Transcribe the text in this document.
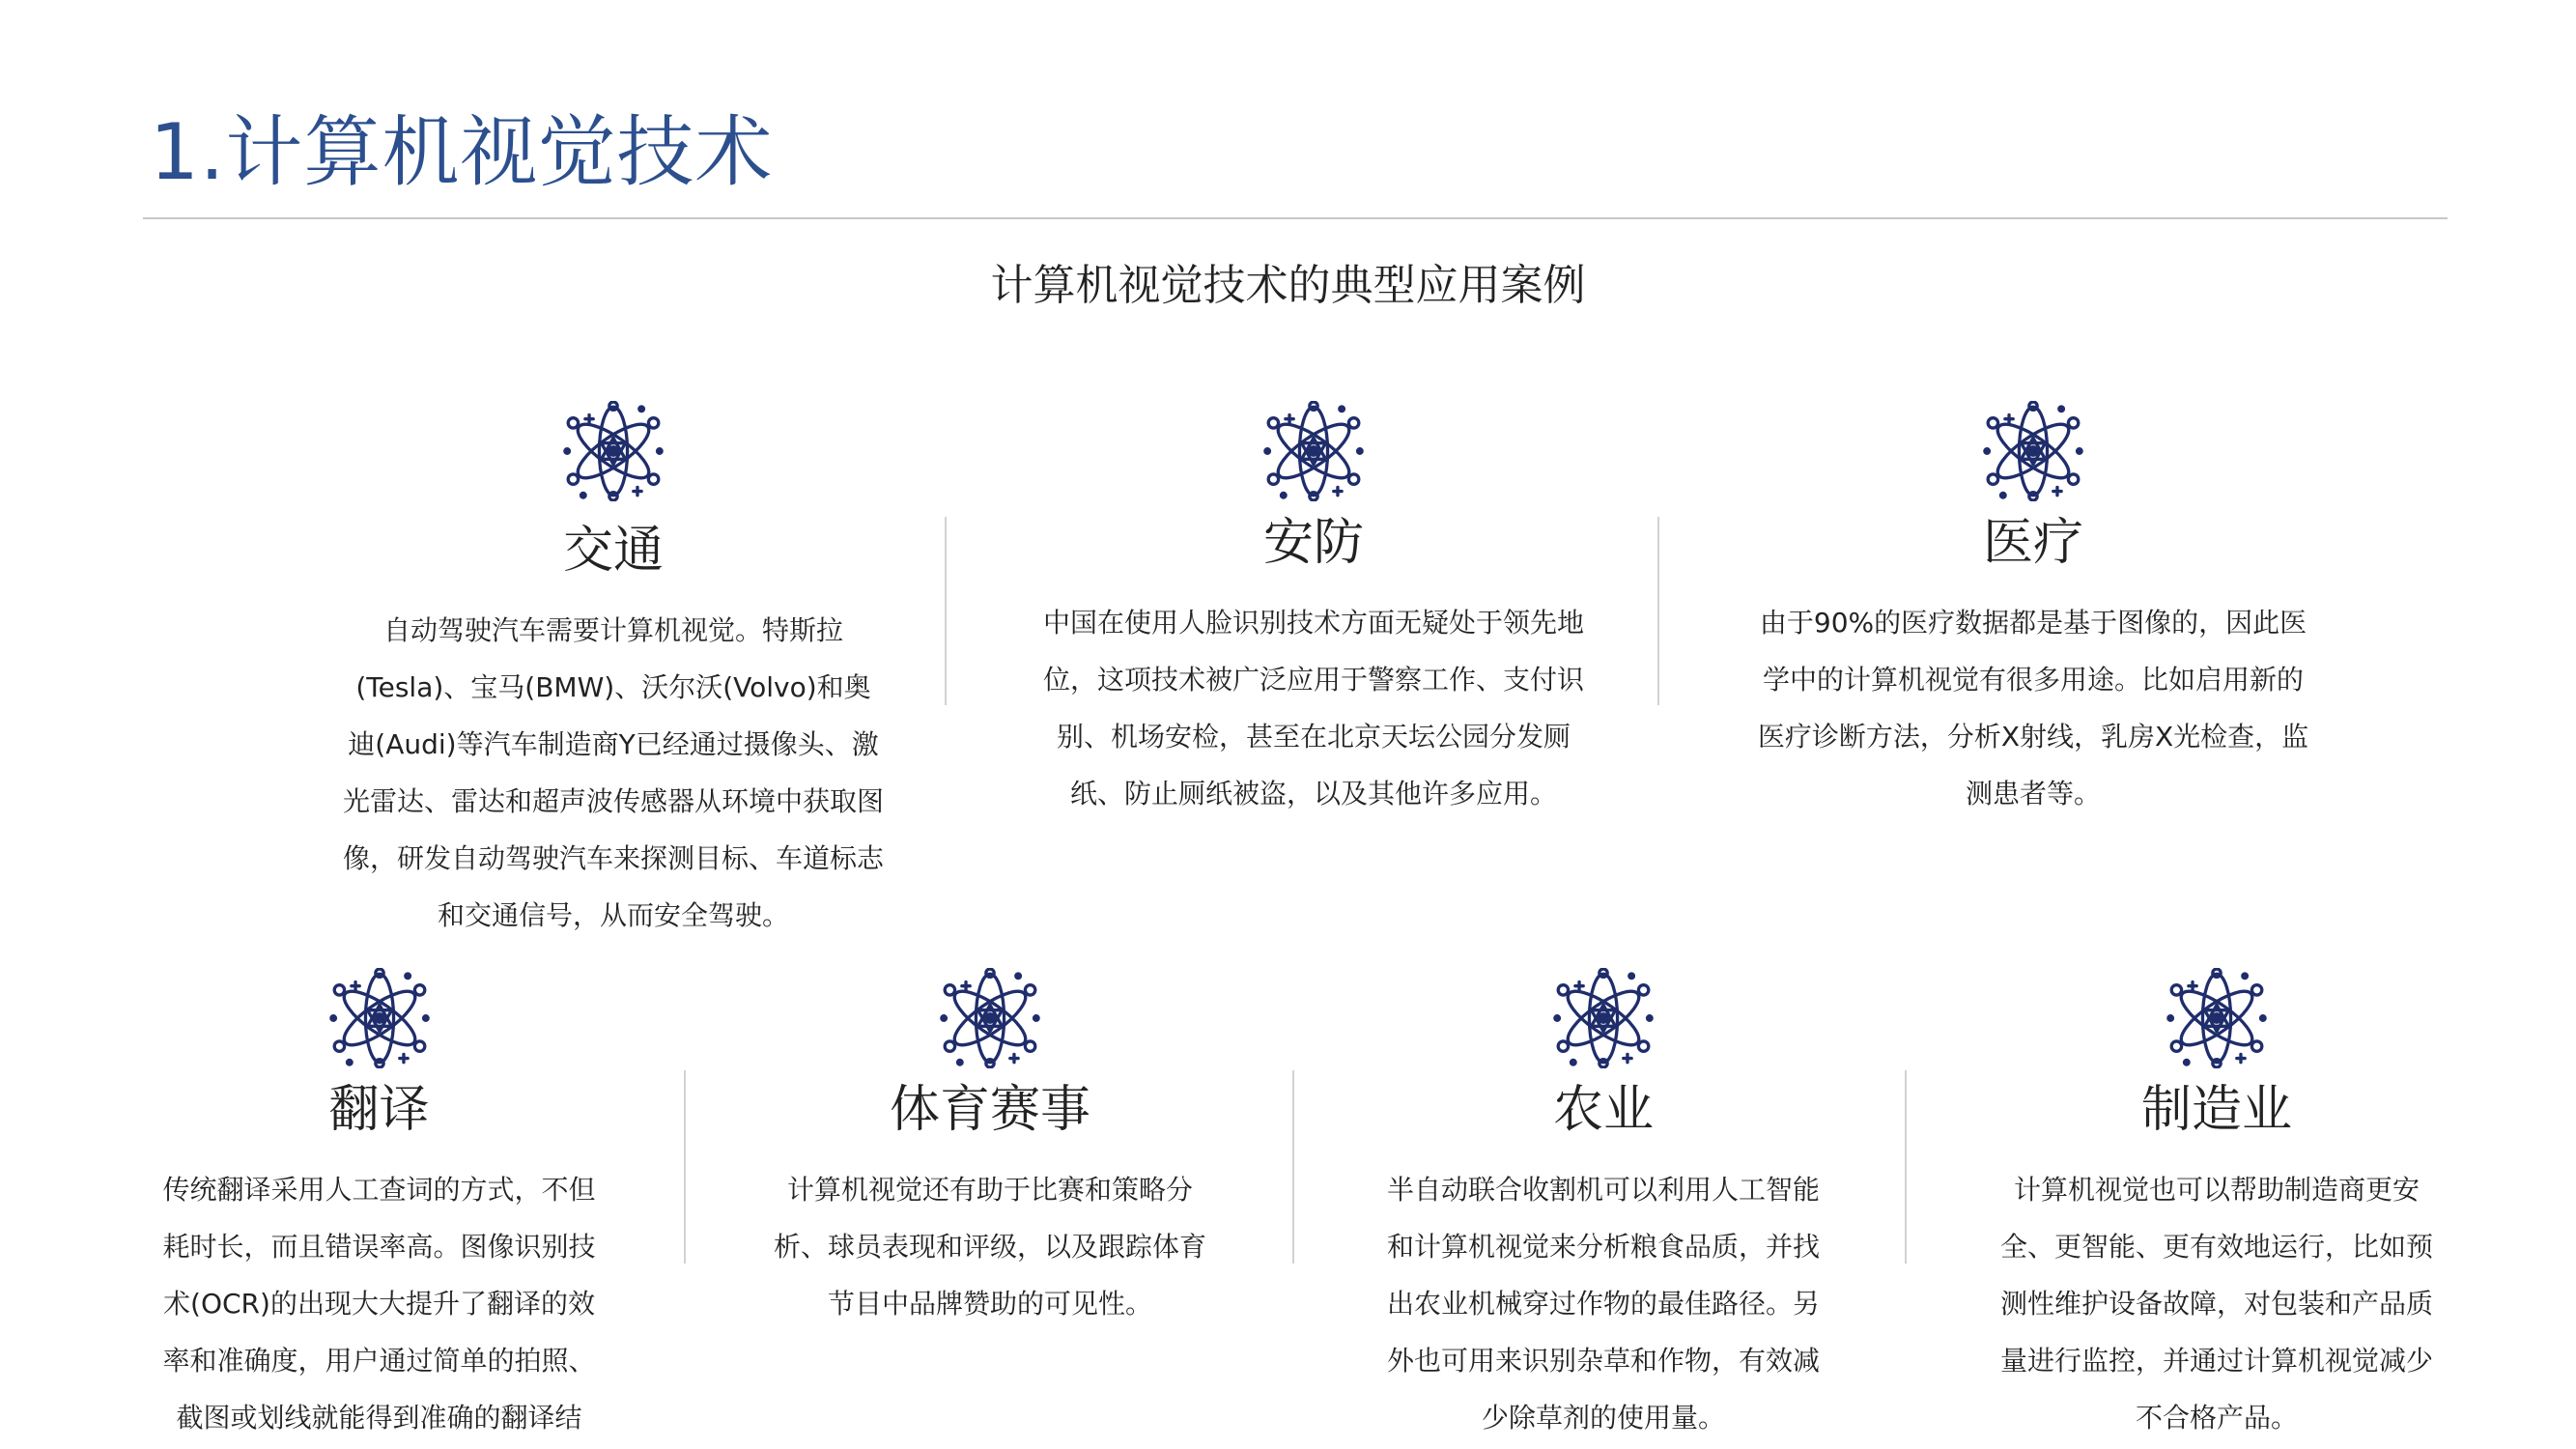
1.计算机视觉技术
计算机视觉技术的典型应用案例
交通
自动驾驶汽车需要计算机视觉。特斯拉(Tesla)、宝马(BMW)、沃尔沃(Volvo)和奥迪(Audi)等汽车制造商Y已经通过摄像头、激光雷达、雷达和超声波传感器从环境中获取图像，研发自动驾驶汽车来探测目标、车道标志和交通信号，从而安全驾驶。
安防
中国在使用人脸识别技术方面无疑处于领先地位，这项技术被广泛应用于警察工作、支付识别、机场安检，甚至在北京天坛公园分发厕纸、防止厕纸被盗，以及其他许多应用。
医疗
由于90%的医疗数据都是基于图像的，因此医学中的计算机视觉有很多用途。比如启用新的医疗诊断方法，分析X射线，乳房X光检查，监测患者等。
翻译
传统翻译采用人工查词的方式，不但耗时长，而且错误率高。图像识别技术(OCR)的出现大大提升了翻译的效率和准确度，用户通过简单的拍照、截图或划线就能得到准确的翻译结
体育赛事
计算机视觉还有助于比赛和策略分析、球员表现和评级，以及跟踪体育节目中品牌赞助的可见性。
农业
半自动联合收割机可以利用人工智能和计算机视觉来分析粮食品质，并找出农业机械穿过作物的最佳路径。另外也可用来识别杂草和作物，有效减少除草剂的使用量。
制造业
计算机视觉也可以帮助制造商更安全、更智能、更有效地运行，比如预测性维护设备故障，对包装和产品质量进行监控，并通过计算机视觉减少不合格产品。
